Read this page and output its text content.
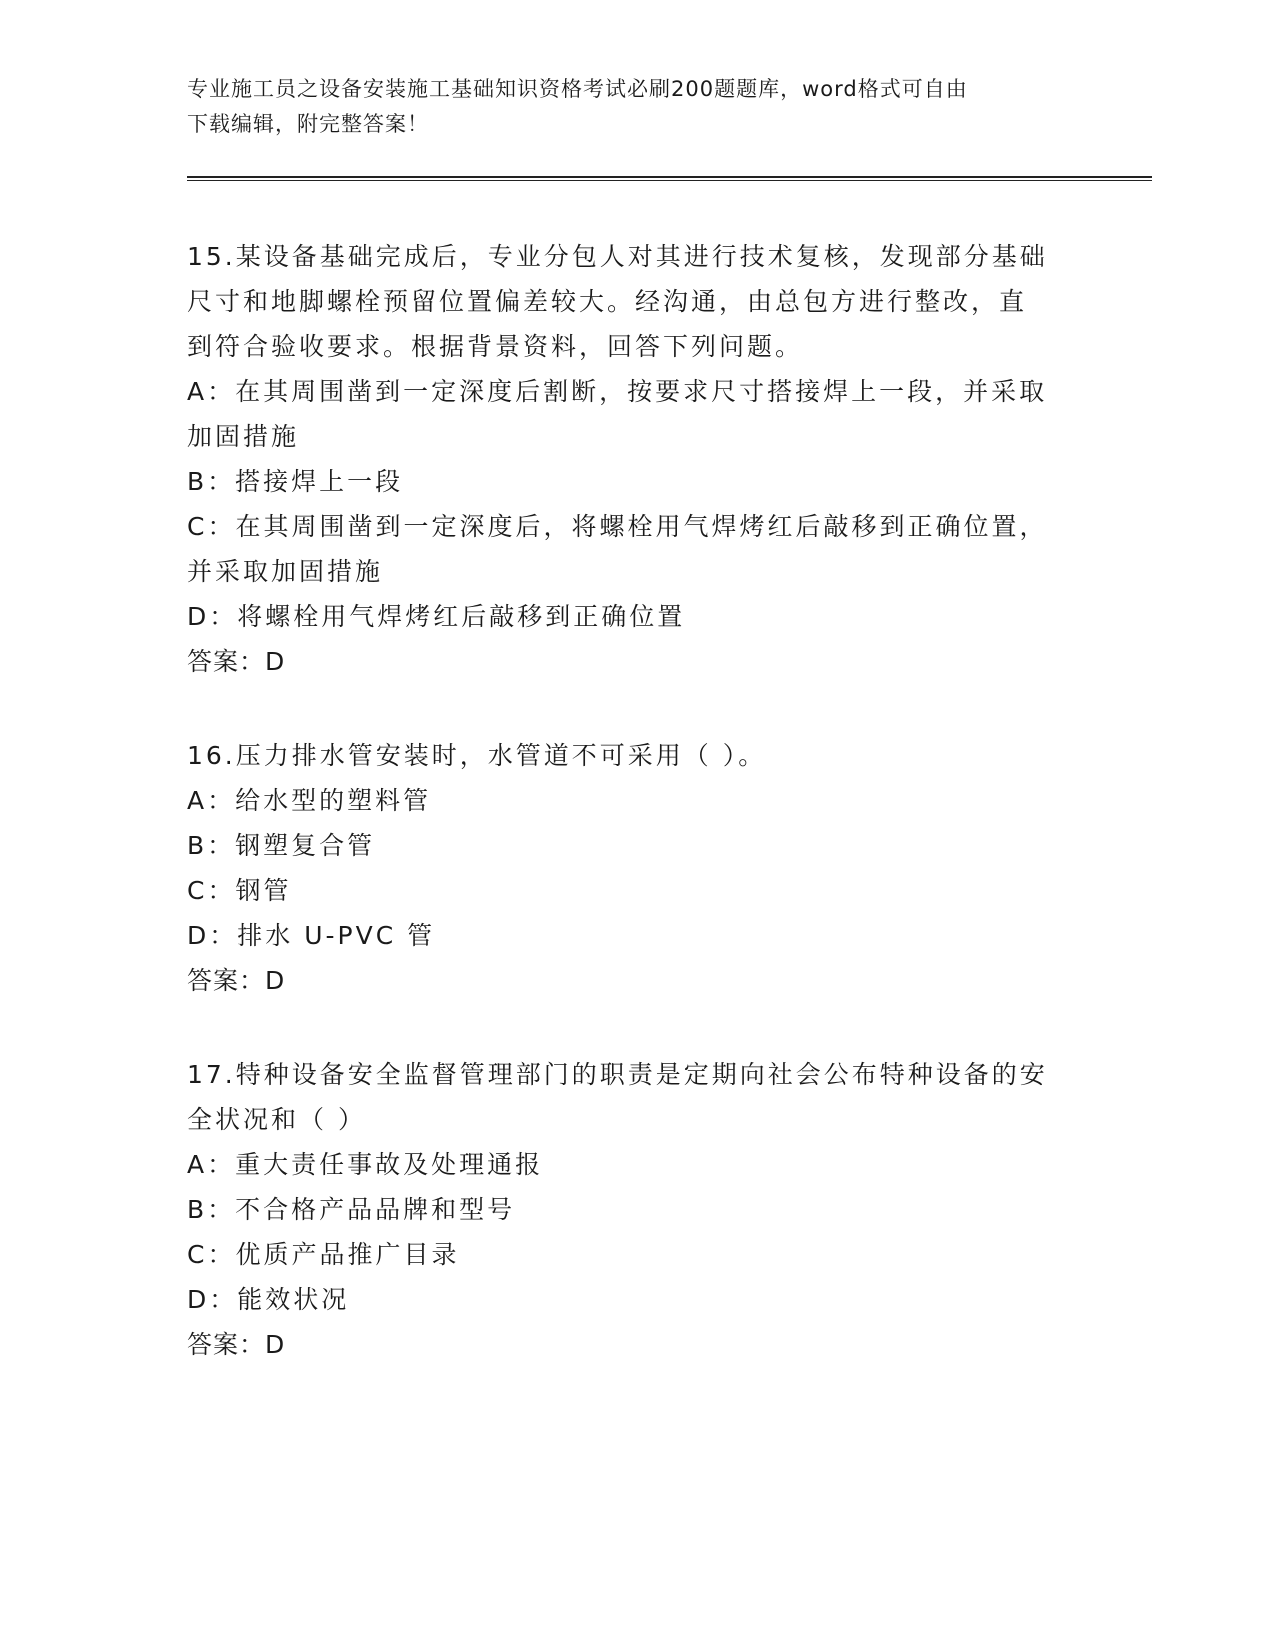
专业施工员之设备安装施工基础知识资格考试必刷200题题库，word格式可自由
下载编辑，附完整答案！

15.某设备基础完成后，专业分包人对其进行技术复核，发现部分基础

尺寸和地脚螺栓预留位置偏差较大。经沟通，由总包方进行整改，直

到符合验收要求。根据背景资料，回答下列问题。

A：在其周围凿到一定深度后割断，按要求尺寸搭接焊上一段，并采取

加固措施

B：搭接焊上一段

C：在其周围凿到一定深度后，将螺栓用气焊烤红后敲移到正确位置，

并采取加固措施

D：将螺栓用气焊烤红后敲移到正确位置

答案：D

16.压力排水管安装时，水管道不可采用（ ）。

A：给水型的塑料管

B：钢塑复合管

C：钢管

D：排水 U-PVC 管

答案：D

17.特种设备安全监督管理部门的职责是定期向社会公布特种设备的安

全状况和（ ）

A：重大责任事故及处理通报

B：不合格产品品牌和型号

C：优质产品推广目录

D：能效状况

答案：D
